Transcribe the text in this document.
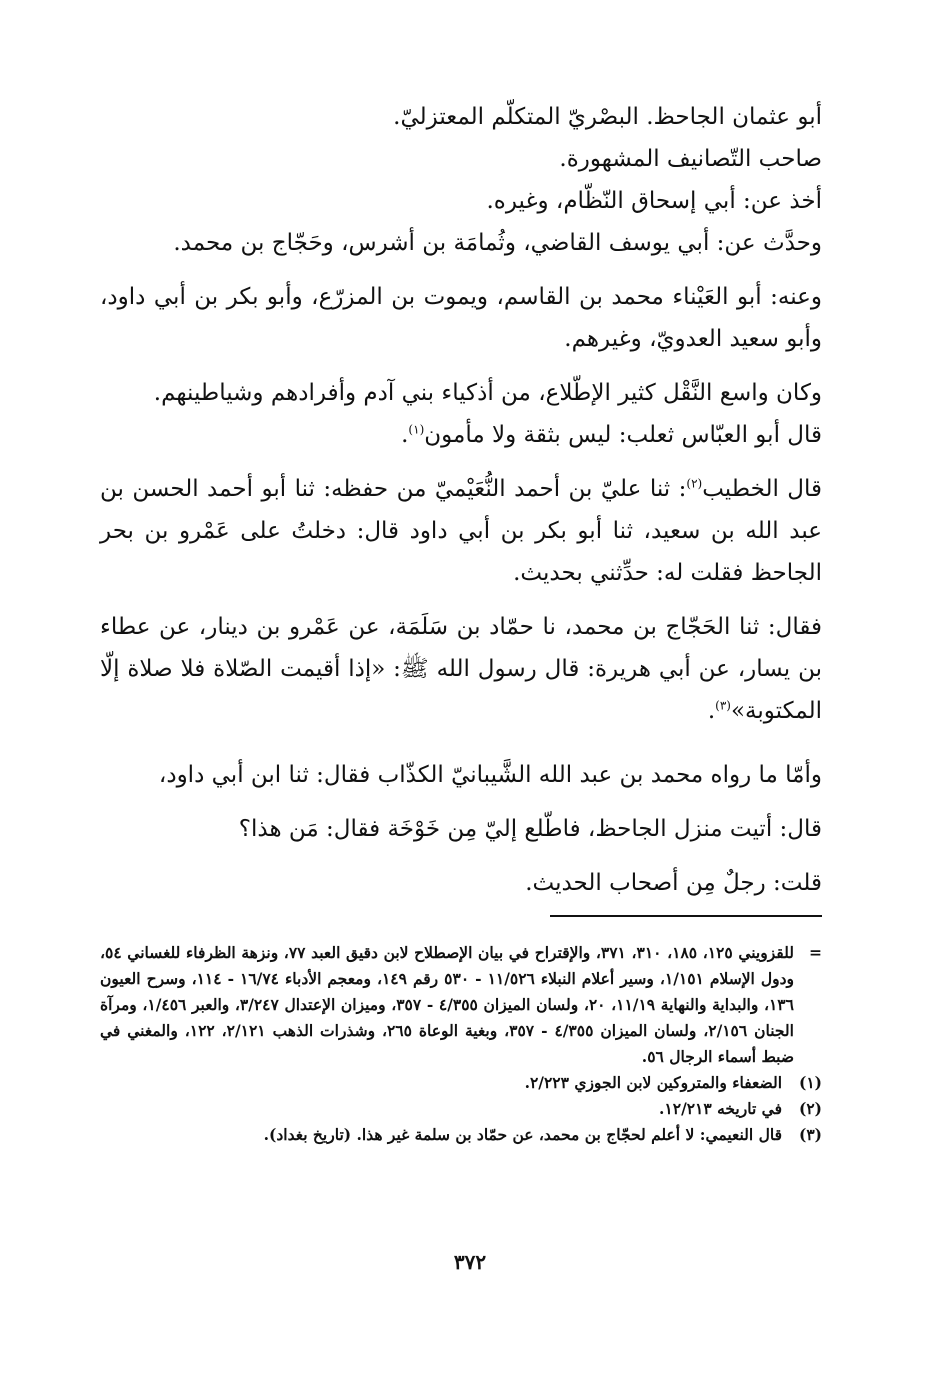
أبو عثمان الجاحظ. البصْريّ المتكلّم المعتزليّ.

صاحب التّصانيف المشهورة.

أخذ عن: أبي إسحاق النّظّام، وغيره.

وحدَّث عن: أبي يوسف القاضي، وثُمامَة بن أشرس، وحَجّاج بن محمد.

وعنه: أبو العَيْناء محمد بن القاسم، ويموت بن المزرّع، وأبو بكر بن أبي داود، وأبو سعيد العدويّ، وغيرهم.

وكان واسع النَّقْل كثير الإطّلاع، من أذكياء بني آدم وأفرادهم وشياطينهم.

قال أبو العبّاس ثعلب: ليس بثقة ولا مأمون$^{(١)}$.

قال الخطيب$^{(٢)}$: ثنا عليّ بن أحمد النُّعَيْميّ من حفظه: ثنا أبو أحمد الحسن بن عبد الله بن سعيد، ثنا أبو بكر بن أبي داود قال: دخلتُ على عَمْرو بن بحر الجاحظ فقلت له: حدِّثني بحديث.

فقال: ثنا الحَجّاج بن محمد، نا حمّاد بن سَلَمَة، عن عَمْرو بن دينار، عن عطاء بن يسار، عن أبي هريرة: قال رسول الله ﷺ: «إذا أقيمت الصّلاة فلا صلاة إلّا المكتوبة»$^{(٣)}$.

وأمّا ما رواه محمد بن عبد الله الشَّيبانيّ الكذّاب فقال: ثنا ابن أبي داود،

قال: أتيت منزل الجاحظ، فاطّلع إليّ مِن خَوْخَة فقال: مَن هذا؟

قلت: رجلٌ مِن أصحاب الحديث.

=
للقزويني ١٢٥، ١٨٥، ٣١٠، ٣٧١، والإقتراح في بيان الإصطلاح لابن دقيق العبد ٧٧، ونزهة الظرفاء للغساني ٥٤، ودول الإسلام ١/١٥١، وسير أعلام النبلاء ١١/٥٢٦ - ٥٣٠ رقم ١٤٩، ومعجم الأدباء ١٦/٧٤ - ١١٤، وسرح العيون ١٣٦، والبداية والنهاية ١١/١٩، ٢٠، ولسان الميزان ٤/٣٥٥ - ٣٥٧، وميزان الإعتدال ٣/٢٤٧، والعبر ١/٤٥٦، ومرآة الجنان ٢/١٥٦، ولسان الميزان ٤/٣٥٥ - ٣٥٧، وبغية الوعاة ٢٦٥، وشذرات الذهب ٢/١٢١، ١٢٢، والمغني في ضبط أسماء الرجال ٥٦.
(١)
الضعفاء والمتروكين لابن الجوزي ٢/٢٢٣.
(٢)
في تاريخه ١٢/٢١٣.
(٣)
قال النعيمي: لا أعلم لحجّاج بن محمد، عن حمّاد بن سلمة غير هذا. (تاريخ بغداد).
٣٧٢
